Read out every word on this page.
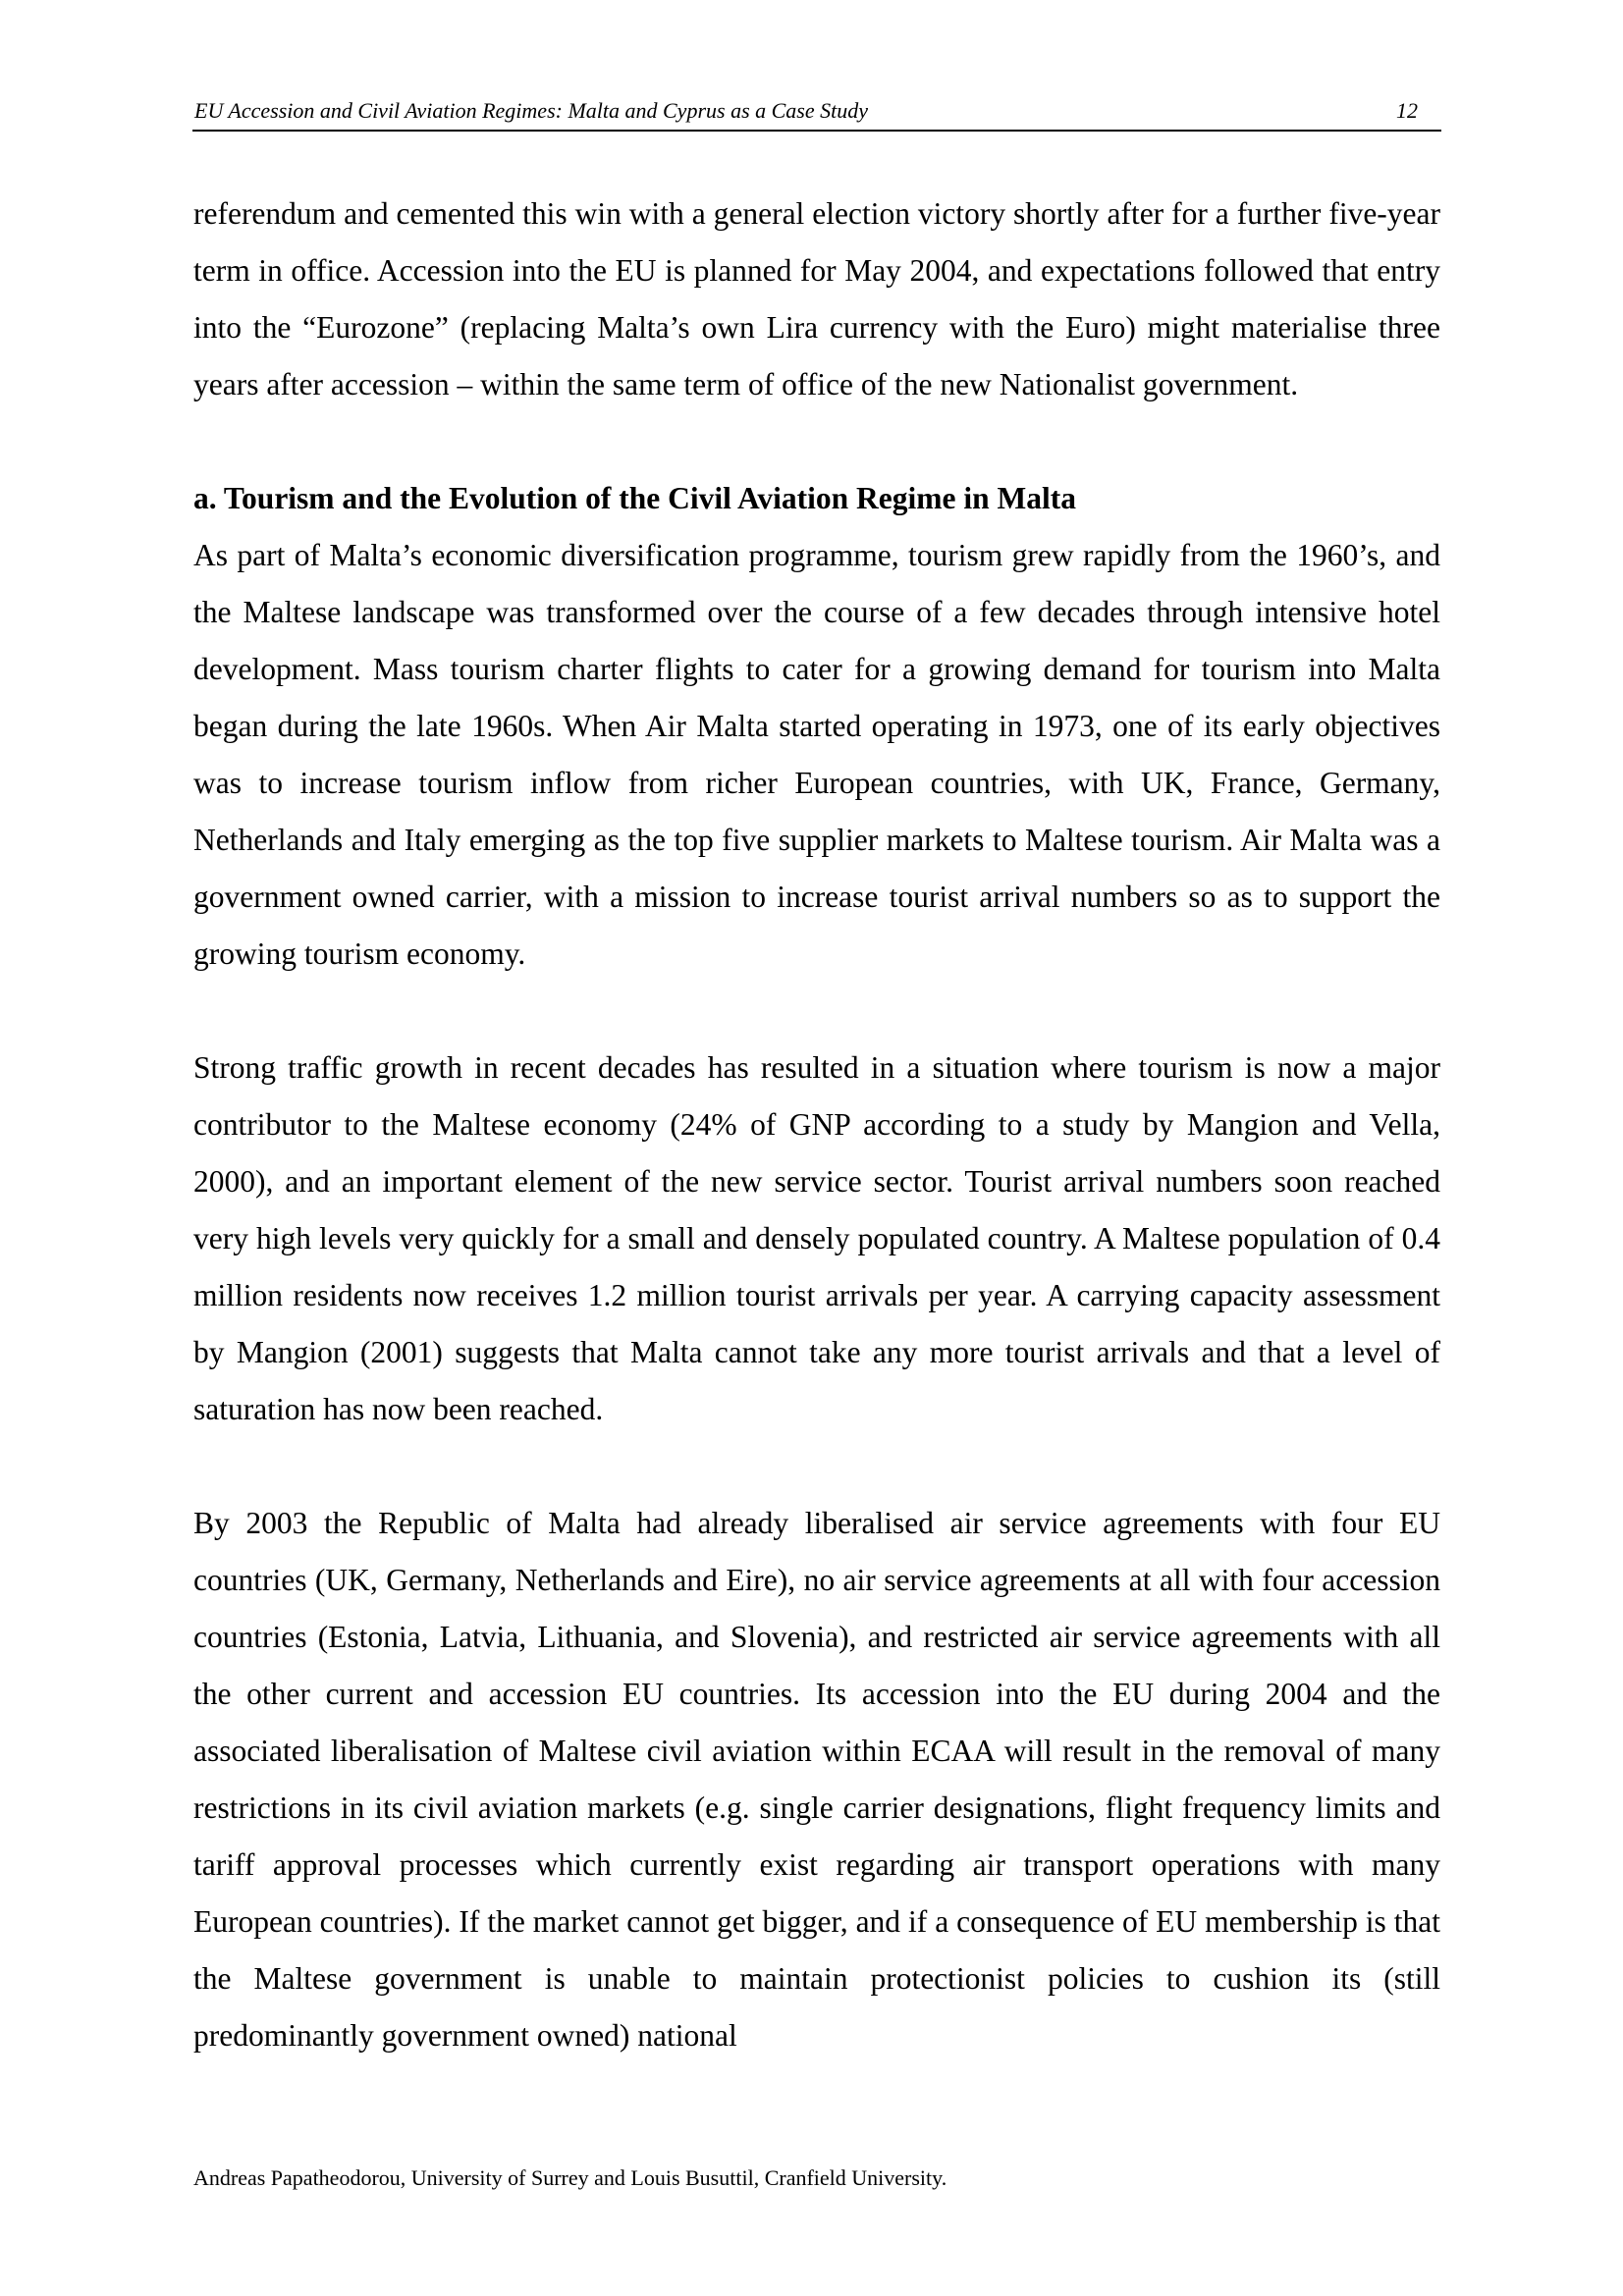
EU Accession and Civil Aviation Regimes: Malta and Cyprus as a Case Study	12

referendum and cemented this win with a general election victory shortly after for a further five-year term in office. Accession into the EU is planned for May 2004, and expectations followed that entry into the “Eurozone” (replacing Malta’s own Lira currency with the Euro) might materialise three years after accession – within the same term of office of the new Nationalist government.

a. Tourism and the Evolution of the Civil Aviation Regime in Malta

As part of Malta’s economic diversification programme, tourism grew rapidly from the 1960’s, and the Maltese landscape was transformed over the course of a few decades through intensive hotel development. Mass tourism charter flights to cater for a growing demand for tourism into Malta began during the late 1960s. When Air Malta started operating in 1973, one of its early objectives was to increase tourism inflow from richer European countries, with UK, France, Germany, Netherlands and Italy emerging as the top five supplier markets to Maltese tourism. Air Malta was a government owned carrier, with a mission to increase tourist arrival numbers so as to support the growing tourism economy.

Strong traffic growth in recent decades has resulted in a situation where tourism is now a major contributor to the Maltese economy (24% of GNP according to a study by Mangion and Vella, 2000), and an important element of the new service sector. Tourist arrival numbers soon reached very high levels very quickly for a small and densely populated country. A Maltese population of 0.4 million residents now receives 1.2 million tourist arrivals per year. A carrying capacity assessment by Mangion (2001) suggests that Malta cannot take any more tourist arrivals and that a level of saturation has now been reached.

By 2003 the Republic of Malta had already liberalised air service agreements with four EU countries (UK, Germany, Netherlands and Eire), no air service agreements at all with four accession countries (Estonia, Latvia, Lithuania, and Slovenia), and restricted air service agreements with all the other current and accession EU countries. Its accession into the EU during 2004 and the associated liberalisation of Maltese civil aviation within ECAA will result in the removal of many restrictions in its civil aviation markets (e.g. single carrier designations, flight frequency limits and tariff approval processes which currently exist regarding air transport operations with many European countries). If the market cannot get bigger, and if a consequence of EU membership is that the Maltese government is unable to maintain protectionist policies to cushion its (still predominantly government owned) national

Andreas Papatheodorou, University of Surrey and Louis Busuttil, Cranfield University.
